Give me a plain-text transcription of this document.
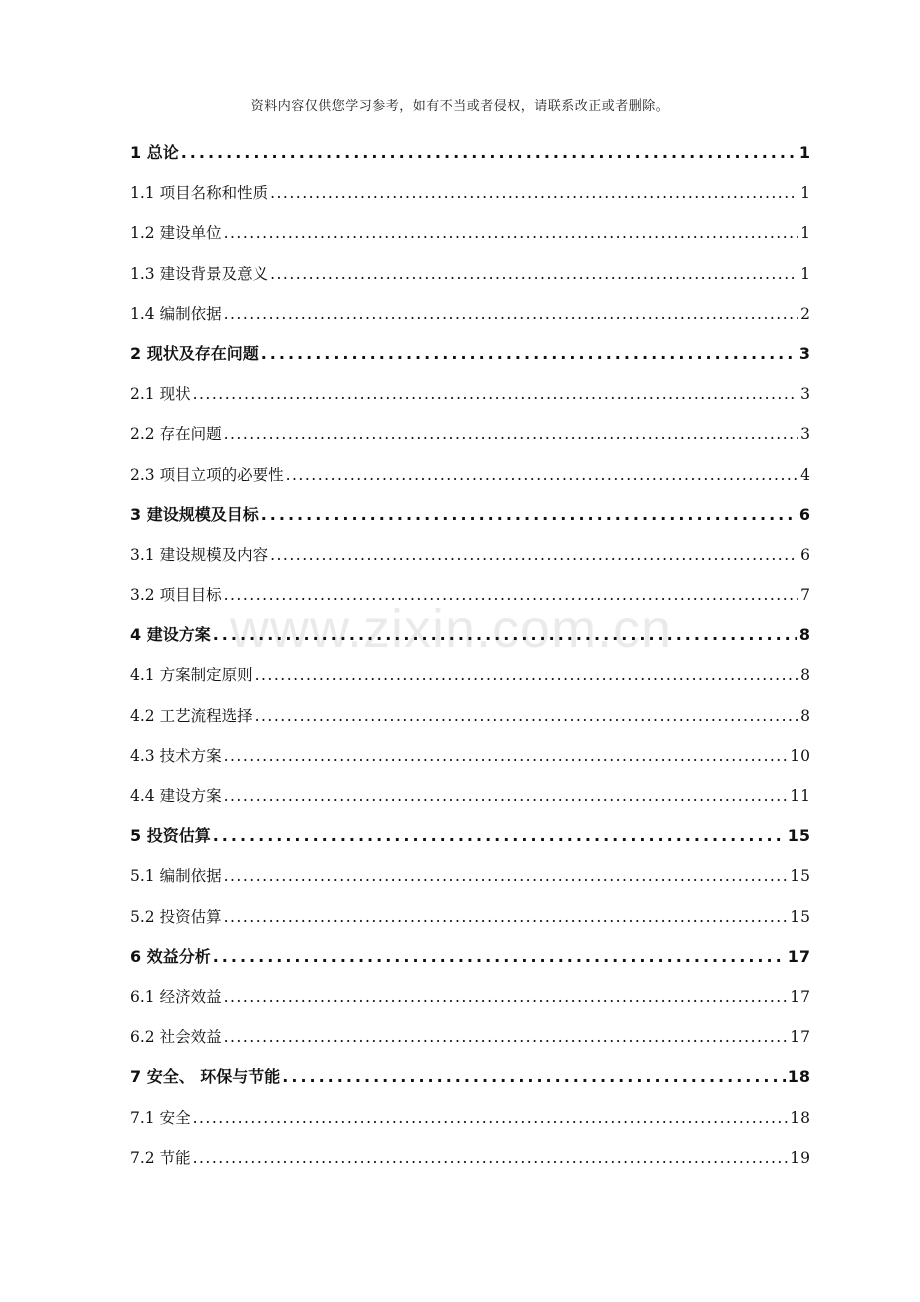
资料内容仅供您学习参考，如有不当或者侵权，请联系改正或者删除。
www.zixin.com.cn
1 总论 .....	1
1.1 项目名称和性质 .....	1
1.2 建设单位 .....	1
1.3 建设背景及意义 .....	1
1.4 编制依据 .....	2
2 现状及存在问题 .....	3
2.1 现状 .....	3
2.2 存在问题 .....	3
2.3 项目立项的必要性 .....	4
3 建设规模及目标 .....	6
3.1 建设规模及内容 .....	6
3.2 项目目标 .....	7
4 建设方案 .....	8
4.1 方案制定原则 .....	8
4.2 工艺流程选择 .....	8
4.3 技术方案 .....	10
4.4 建设方案 .....	11
5 投资估算 .....	15
5.1 编制依据 .....	15
5.2 投资估算 .....	15
6 效益分析 .....	17
6.1 经济效益 .....	17
6.2 社会效益 .....	17
7 安全、 环保与节能 .....	18
7.1 安全 .....	18
7.2 节能 .....	19
